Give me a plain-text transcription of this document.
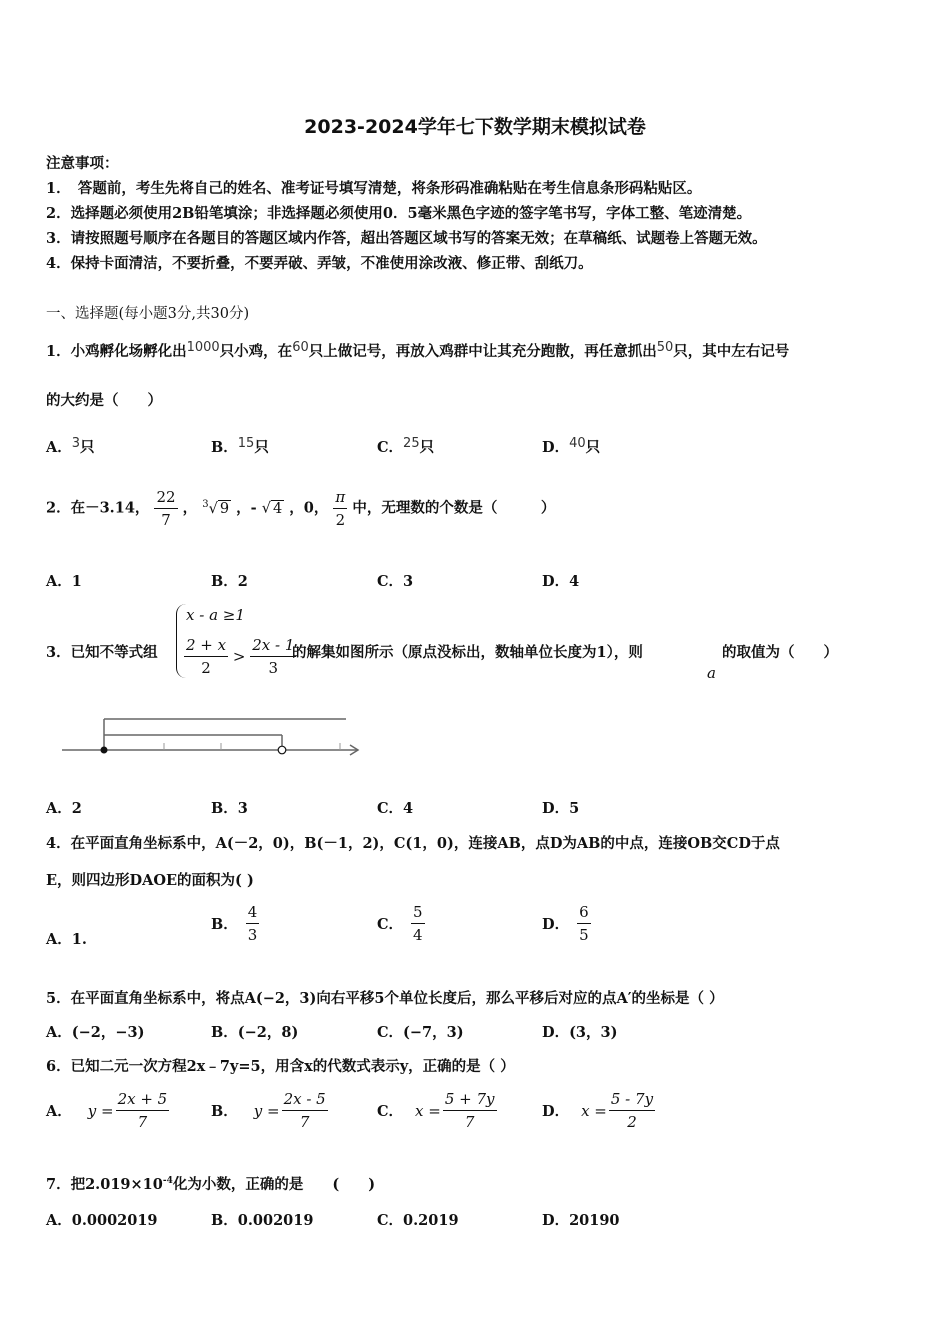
2023-2024学年七下数学期末模拟试卷
注意事项：
1．　答题前，考生先将自己的姓名、准考证号填写清楚，将条形码准确粘贴在考生信息条形码粘贴区。
2．选择题必须使用2B铅笔填涂；非选择题必须使用0．5毫米黑色字迹的签字笔书写，字体工整、笔迹清楚。
3．请按照题号顺序在各题目的答题区域内作答，超出答题区域书写的答案无效；在草稿纸、试题卷上答题无效。
4．保持卡面清洁，不要折叠，不要弄破、弄皱，不准使用涂改液、修正带、刮纸刀。
一、选择题(每小题3分,共30分)
1．小鸡孵化场孵化出1000只小鸡，在60只上做记号，再放入鸡群中让其充分跑散，再任意抓出50只，其中左右记号
的大约是（　　）
A．3只	B．15只	C．25只	D．40只
2．在－3.14， $\frac{22}{7}$ ， $^3$√ 9 ，- √ 4 ，0， $\frac{\pi}{2}$ 中，无理数的个数是（　　　）
A．1	B．2	C．3	D．4
3．已知不等式组
x - a ≥1
$\frac{2 + x}{2} > \frac{2x - 1}{3}$
的解集如图所示（原点没标出，数轴单位长度为1），则
a
的取值为（　　）
A．2	B．3	C．4	D．5
4．在平面直角坐标系中，A(－2，0)，B(－1，2)，C(1，0)，连接AB，点D为AB的中点，连接OB交CD于点
E，则四边形DAOE的面积为( )
A．1.
B． $\frac{4}{3}$	C． $\frac{5}{4}$	D． $\frac{6}{5}$
5．在平面直角坐标系中，将点A(−2，3)向右平移5个单位长度后，那么平移后对应的点A′的坐标是（ ）
A．(−2，−3)	B．(−2，8)	C．(−7，3)	D．(3，3)
6．已知二元一次方程2x﹣7y=5，用含x的代数式表示y，正确的是（ ）
A． $y = \frac{2x + 5}{7}$	B． $y = \frac{2x - 5}{7}$	C． $x = \frac{5 + 7y}{7}$	D． $x = \frac{5 - 7y}{2}$
7．把$2.019\times 10^{-4}$化为小数，正确的是　　(　　)
A．0.0002019	B．0.002019	C．0.2019	D．20190
